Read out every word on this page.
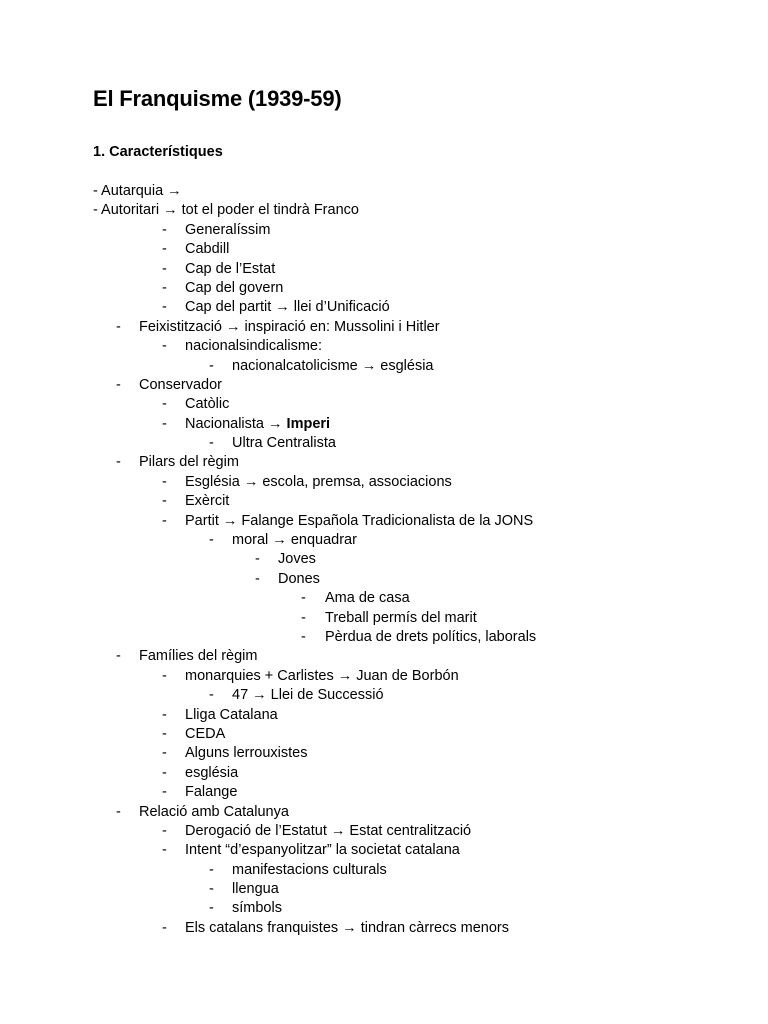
El Franquisme (1939-59)
1. Característiques
- Autarquia →
- Autoritari → tot el poder el tindrà Franco
- Generalíssim
- Cabdill
- Cap de l’Estat
- Cap del govern
- Cap del partit → llei d’Unificació
- Feixistització → inspiració en: Mussolini i Hitler
- nacionalsindicalisme:
- nacionalcatolicisme → església
- Conservador
- Catòlic
- Nacionalista → Imperi
- Ultra Centralista
- Pilars del règim
- Església → escola, premsa, associacions
- Exèrcit
- Partit → Falange Española Tradicionalista de la JONS
- moral → enquadrar
- Joves
- Dones
- Ama de casa
- Treball permís del marit
- Pèrdua de drets polítics, laborals
- Famílies del règim
- monarquies + Carlistes → Juan de Borbón
- 47 → Llei de Successió
- Lliga Catalana
- CEDA
- Alguns lerrouxistes
- església
- Falange
- Relació amb Catalunya
- Derogació de l’Estatut → Estat centralització
- Intent “d’espanyolitzar” la societat catalana
- manifestacions culturals
- llengua
- símbols
- Els catalans franquistes → tindran càrrecs menors
